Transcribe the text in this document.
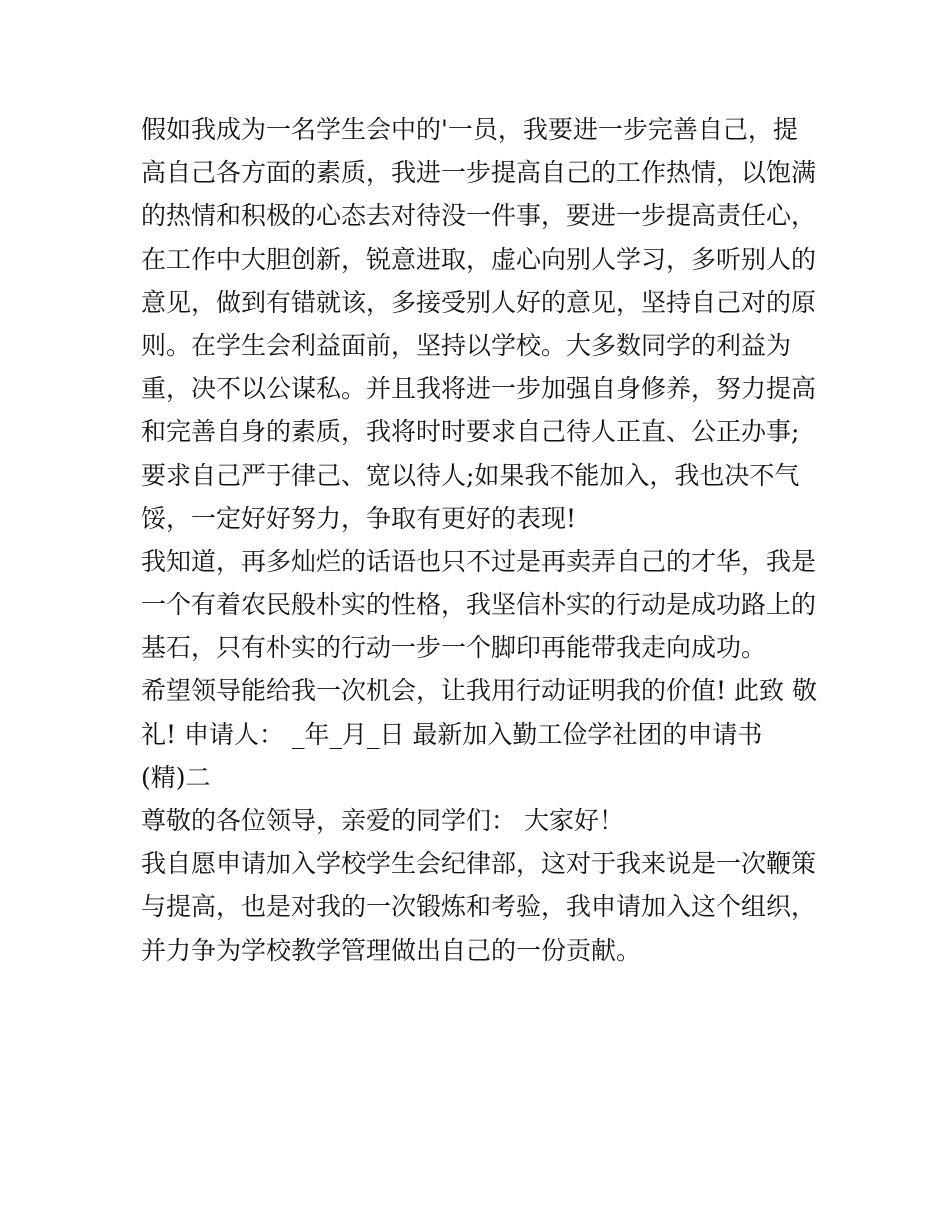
假如我成为一名学生会中的'一员，我要进一步完善自己，提
高自己各方面的素质，我进一步提高自己的工作热情，以饱满
的热情和积极的心态去对待没一件事，要进一步提高责任心，
在工作中大胆创新，锐意进取，虚心向别人学习，多听别人的
意见，做到有错就该，多接受别人好的意见，坚持自己对的原
则。在学生会利益面前，坚持以学校。大多数同学的利益为
重，决不以公谋私。并且我将进一步加强自身修养，努力提高
和完善自身的素质，我将时时要求自己待人正直、公正办事;
要求自己严于律己、宽以待人;如果我不能加入，我也决不气
馁，一定好好努力，争取有更好的表现!
我知道，再多灿烂的话语也只不过是再卖弄自己的才华，我是
一个有着农民般朴实的性格，我坚信朴实的行动是成功路上的
基石，只有朴实的行动一步一个脚印再能带我走向成功。
希望领导能给我一次机会，让我用行动证明我的价值! 此致 敬
礼! 申请人： _年_月_日 最新加入勤工俭学社团的申请书
(精)二
尊敬的各位领导，亲爱的同学们： 大家好！
我自愿申请加入学校学生会纪律部，这对于我来说是一次鞭策
与提高，也是对我的一次锻炼和考验，我申请加入这个组织，
并力争为学校教学管理做出自己的一份贡献。
